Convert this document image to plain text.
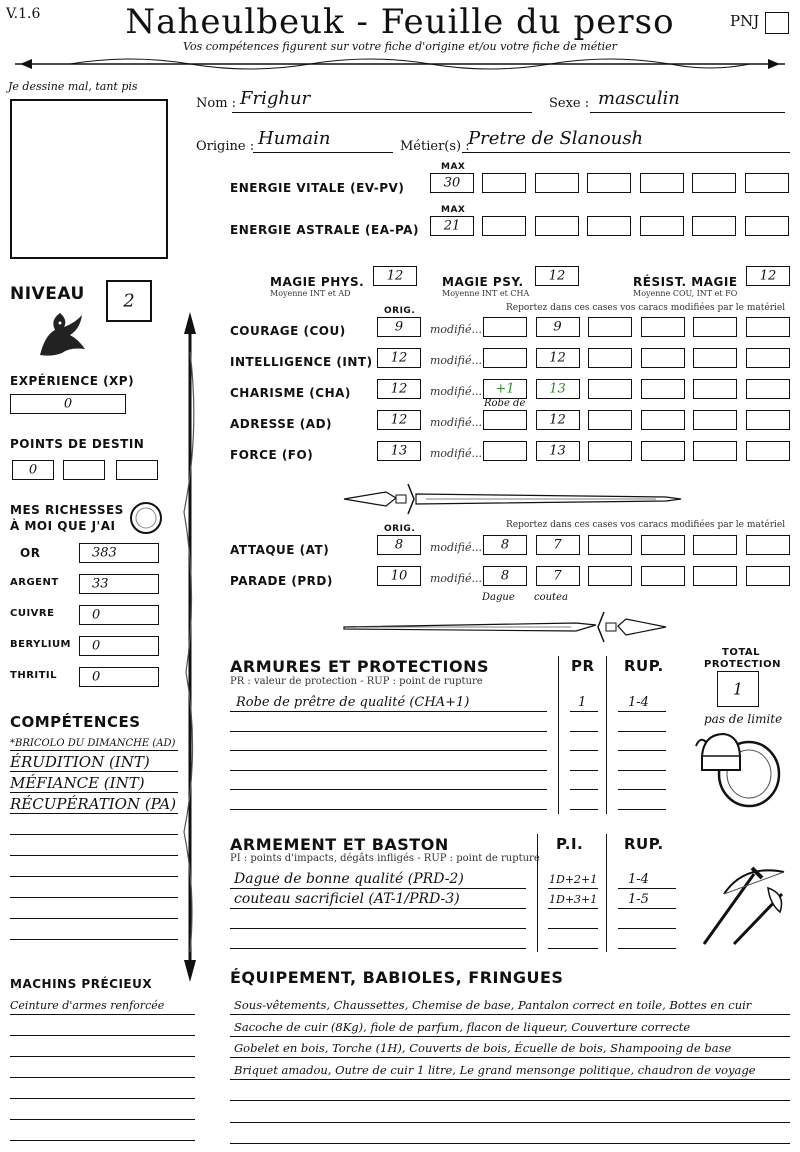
V.1.6	Naheulbeuk - Feuille du perso	PNJ
Vos compétences figurent sur votre fiche d'origine et/ou votre fiche de métier
Je dessine mal, tant pis
Nom : Frighur	Sexe : masculin
Origine : Humain	Métier(s) :
Pretre de Slanoush
MAX
ENERGIE VITALE (EV-PV)	30
MAX
ENERGIE ASTRALE (EA-PA)	21
MAGIE PHYS.
Moyenne INT et AD
12	MAGIE PSY.
Moyenne INT et CHA
12	RÉSIST. MAGIE
Moyenne COU, INT et FO
12
ORIG.	Reportez dans ces cases vos caracs modifiées par le matériel
COURAGE (COU)	9	modifié...	9
INTELLIGENCE (INT)	12	modifié...	12
CHARISME (CHA)	12	modifié...	+1	13
ADRESSE (AD)	12	modifié...	12
FORCE (FO)	13	modifié...	13
Robe de
ORIG.	Reportez dans ces cases vos caracs modifiées par le matériel
ATTAQUE (AT)	8	modifié...	8	7
PARADE (PRD)	10	modifié...	8	7
Dague coutea
NIVEAU	2
EXPÉRIENCE (XP)
0
POINTS DE DESTIN
0
MES RICHESSES
À MOI QUE J'AI
OR	383
ARGENT	33
CUIVRE	0
BERYLIUM 0
THRITIL	0
COMPÉTENCES
*BRICOLO DU DIMANCHE (AD)
ÉRUDITION (INT)
MÉFIANCE (INT)
RÉCUPÉRATION (PA)
MACHINS PRÉCIEUX
Ceinture d'armes renforcée
ARMURES ET PROTECTIONS
PR : valeur de protection - RUP : point de rupture
PR RUP.
Robe de prêtre de qualité (CHA+1)	1	1-4
TOTAL
PROTECTION
1
pas de limite
ARMEMENT ET BASTON
PI : points d'impacts, dégâts infligés - RUP : point de rupture
P.I.	RUP.
Dague de bonne qualité (PRD-2)	1D+2+1 1-4
couteau sacrificiel (AT-1/PRD-3)	1D+3+1 1-5
ÉQUIPEMENT, BABIOLES, FRINGUES
Sous-vêtements, Chaussettes, Chemise de base, Pantalon correct en toile, Bottes en cuir
Sacoche de cuir (8Kg), fiole de parfum, flacon de liqueur, Couverture correcte
Gobelet en bois, Torche (1H), Couverts de bois, Écuelle de bois, Shampooing de base
Briquet amadou, Outre de cuir 1 litre, Le grand mensonge politique, chaudron de voyage
